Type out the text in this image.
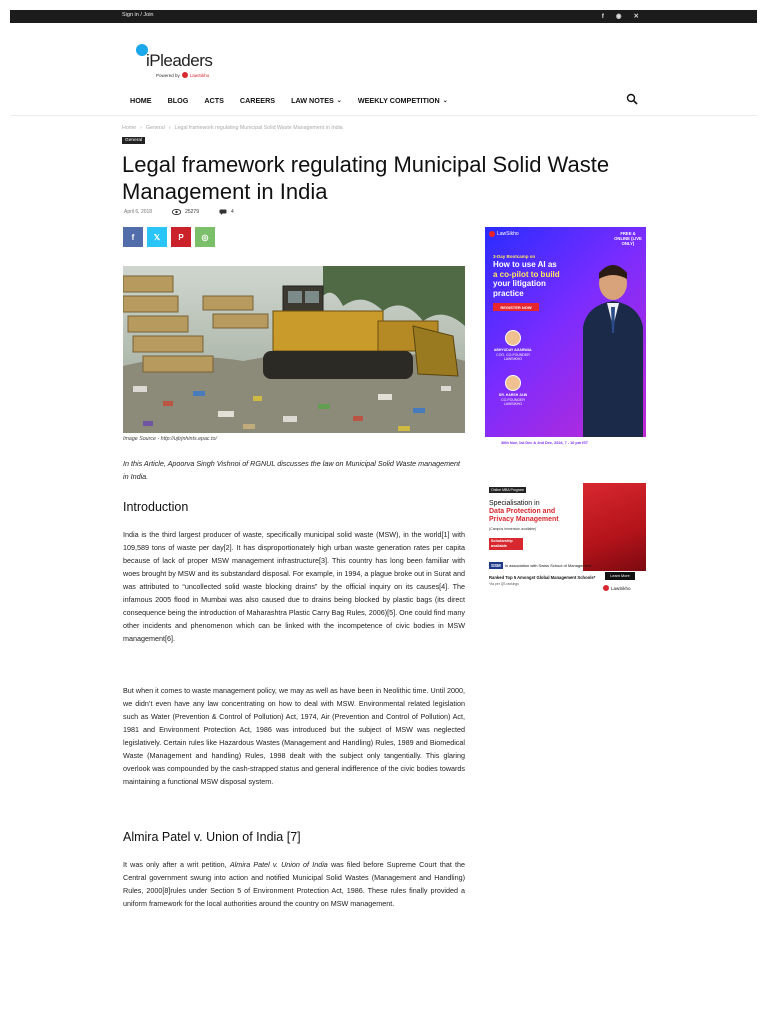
Sign in / Join	f ◉ ✕
iPleaders
Powered by LawSikho
HOME BLOG ACTS CAREERS LAW NOTES ⌄ WEEKLY COMPETITION ⌄
Home › General › Legal framework regulating Municipal Solid Waste Management in India
General
Legal framework regulating Municipal Solid Waste Management in India
April 6, 2018	25279	4
f 𝕏 P ◎
Image Source - http://ujtrjnhints.epac.to/

In this Article, Apoorva Singh Vishnoi of RGNUL discusses the law on Municipal Solid Waste management in India.

Introduction

India is the third largest producer of waste, specifically municipal solid waste (MSW), in the world[1] with 109,589 tons of waste per day[2]. It has disproportionately high urban waste generation rates per capita because of lack of proper MSW management infrastructure[3]. This country has long been familiar with woes brought by MSW and its substandard disposal. For example, in 1994, a plague broke out in Surat and was attributed to “uncollected solid waste blocking drains” by the official inquiry on its causes[4]. The infamous 2005 flood in Mumbai was also caused due to drains being blocked by plastic bags (its direct consequence being the introduction of Maharashtra Plastic Carry Bag Rules, 2006)[5]. One could find many other incidents and phenomenon which can be linked with the incompetence of civic bodies in MSW management[6].

But when it comes to waste management policy, we may as well as have been in Neolithic time. Until 2000, we didn’t even have any law concentrating on how to deal with MSW. Environmental related legislation such as Water (Prevention & Control of Pollution) Act, 1974, Air (Prevention and Control of Pollution) Act, 1981 and Environment Protection Act, 1986 was introduced but the subject of MSW was neglected legislatively. Certain rules like Hazardous Wastes (Management and Handling) Rules, 1989 and Biomedical Waste (Management and handling) Rules, 1998 dealt with the subject only tangentially. This glaring overlook was compounded by the cash-strapped status and general indifference of the civic bodies towards maintaining a functional MSW disposal system.

Almira Patel v. Union of India [7]

It was only after a writ petition, Almira Patel v. Union of India was filed before Supreme Court that the Central government swung into action and notified Municipal Solid Wastes (Management and Handling) Rules, 2000[8]rules under Section 5 of Environment Protection Act, 1986. These rules finally provided a uniform framework for the local authorities around the country on MSW management.

LawSikho	FREE & ONLINE (LIVE ONLY)
3-Day Bootcamp on
How to use AI as
a co-pilot to build
your litigation practice
REGISTER NOW
ABHYUDAY AGARWAL
COO, CO-FOUNDER LAWSIKHO
DR. HARSH JAIN
CO-FOUNDER LAWSIKHO
30th Nov, 1st Dec & 2nd Dec, 2024, 7 - 10 pm IST
Online MBA Program
Specialisation in
Data Protection and
Privacy Management
(Campus immersion available)
Scholarship available
SSM	In association with Swiss School of Management
Ranked Top 5 Amongst Global Management Schools*
*As per QS rankings
Learn More
LawSikho
